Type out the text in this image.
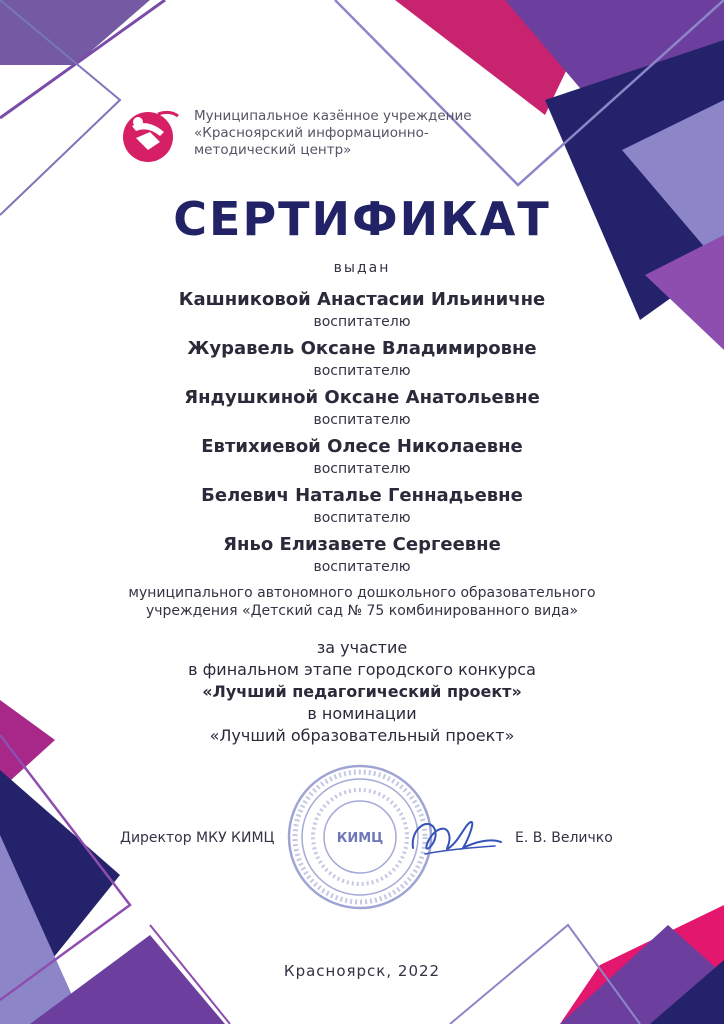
Муниципальное казённое учреждение
«Красноярский информационно-
методический центр»
СЕРТИФИКАТ
выдан
Кашниковой Анастасии Ильиничне
воспитателю
Журавель Оксане Владимировне
воспитателю
Яндушкиной Оксане Анатольевне
воспитателю
Евтихиевой Олесе Николаевне
воспитателю
Белевич Наталье Геннадьевне
воспитателю
Яньо Елизавете Сергеевне
воспитателю
муниципального автономного дошкольного образовательного
учреждения «Детский сад № 75 комбинированного вида»
за участие
в финальном этапе городского конкурса
«Лучший педагогический проект»
в номинации
«Лучший образовательный проект»
Директор МКУ КИМЦ	Е. В. Величко
КИМЦ
Красноярск, 2022
